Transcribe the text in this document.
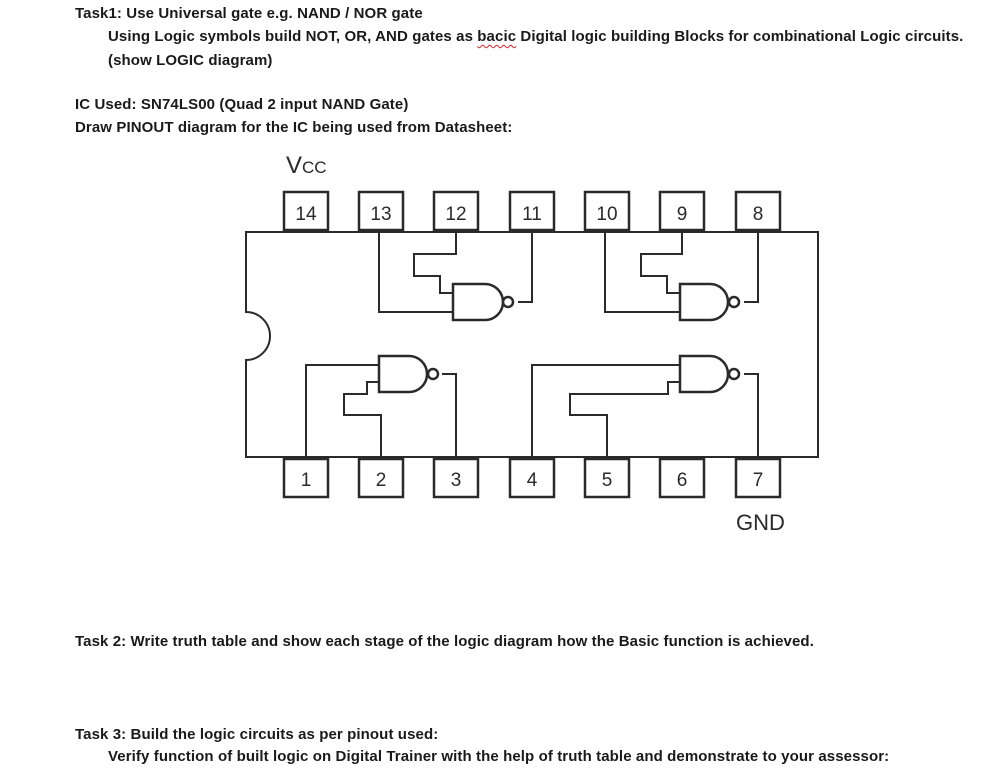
Task1: Use Universal gate e.g. NAND / NOR gate
Using Logic symbols build NOT, OR, AND gates as bacic Digital logic building Blocks for combinational Logic circuits.
(show LOGIC diagram)
IC Used: SN74LS00 (Quad 2 input NAND Gate)
Draw PINOUT diagram for the IC being used from Datasheet:
VCC
14	13	12	11	10	9	8
1	2	3	4	5	6	7
GND
Task 2: Write truth table and show each stage of the logic diagram how the Basic function is achieved.
Task 3: Build the logic circuits as per pinout used:
Verify function of built logic on Digital Trainer with the help of truth table and demonstrate to your assessor:
